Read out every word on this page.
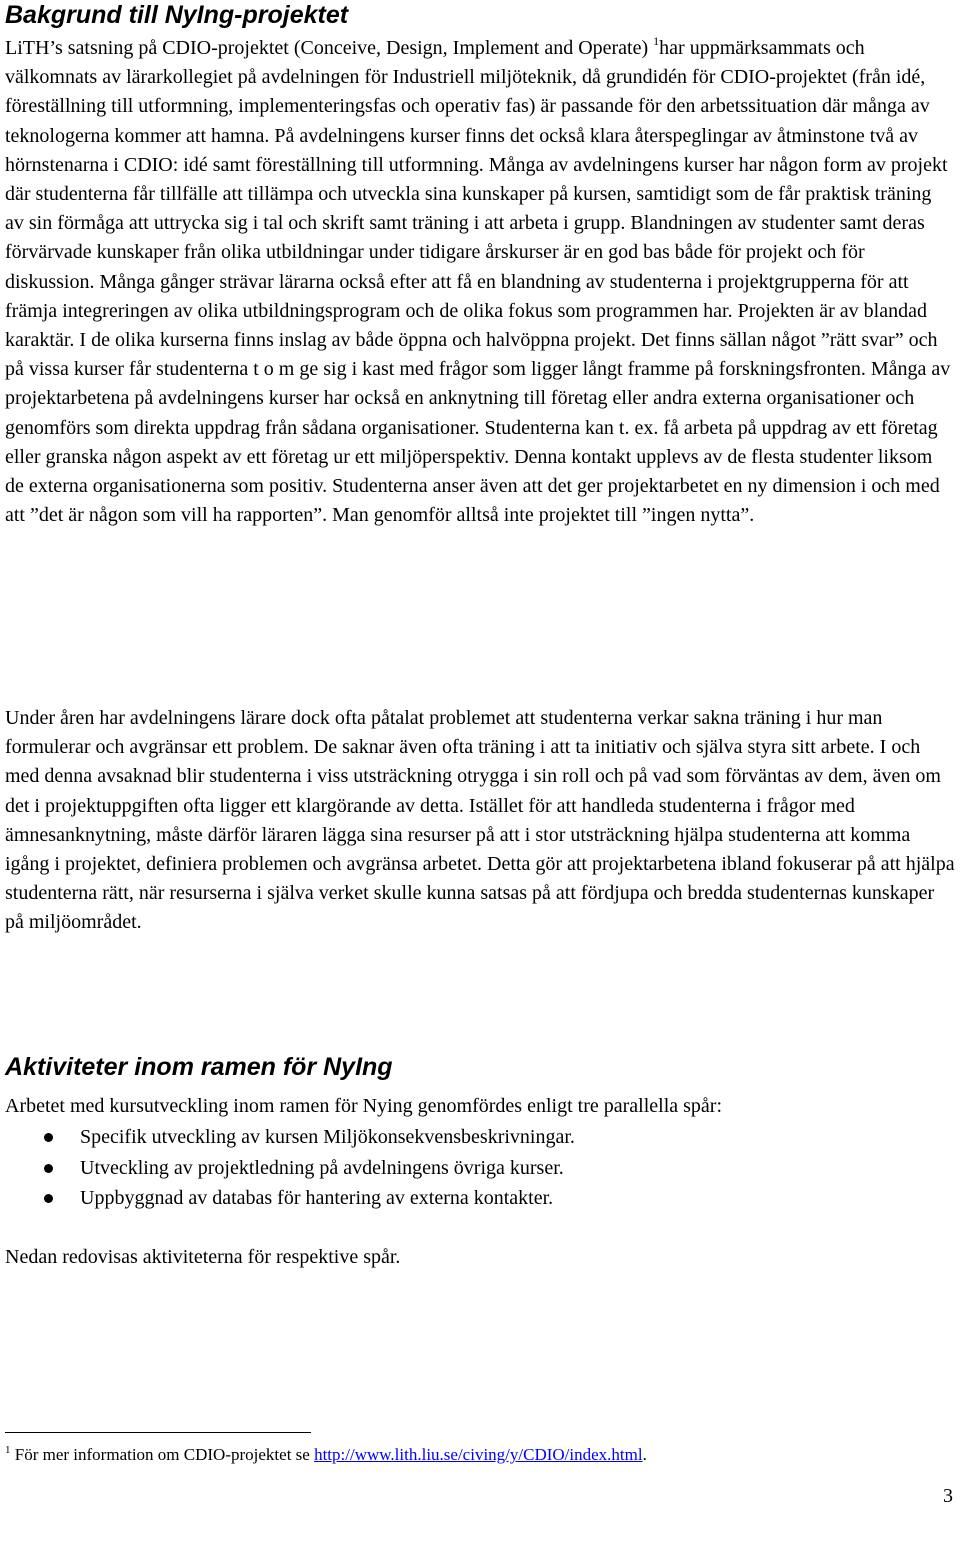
Bakgrund till NyIng-projektet

LiTH’s satsning på CDIO-projektet (Conceive, Design, Implement and Operate) $^1$har uppmärksammats och välkomnats av lärarkollegiet på avdelningen för Industriell miljöteknik, då grundidén för CDIO-projektet (från idé, föreställning till utformning, implementeringsfas och operativ fas) är passande för den arbetssituation där många av teknologerna kommer att hamna. På avdelningens kurser finns det också klara återspeglingar av åtminstone två av hörnstenarna i CDIO: idé samt föreställning till utformning. Många av avdelningens kurser har någon form av projekt där studenterna får tillfälle att tillämpa och utveckla sina kunskaper på kursen, samtidigt som de får praktisk träning av sin förmåga att uttrycka sig i tal och skrift samt träning i att arbeta i grupp. Blandningen av studenter samt deras förvärvade kunskaper från olika utbildningar under tidigare årskurser är en god bas både för projekt och för diskussion. Många gånger strävar lärarna också efter att få en blandning av studenterna i projektgrupperna för att främja integreringen av olika utbildningsprogram och de olika fokus som programmen har. Projekten är av blandad karaktär. I de olika kurserna finns inslag av både öppna och halvöppna projekt. Det finns sällan något ”rätt svar” och på vissa kurser får studenterna t o m ge sig i kast med frågor som ligger långt framme på forskningsfronten. Många av projektarbetena på avdelningens kurser har också en anknytning till företag eller andra externa organisationer och genomförs som direkta uppdrag från sådana organisationer. Studenterna kan t. ex. få arbeta på uppdrag av ett företag eller granska någon aspekt av ett företag ur ett miljöperspektiv. Denna kontakt upplevs av de flesta studenter liksom de externa organisationerna som positiv. Studenterna anser även att det ger projektarbetet en ny dimension i och med att ”det är någon som vill ha rapporten”. Man genomför alltså inte projektet till ”ingen nytta”.

Under åren har avdelningens lärare dock ofta påtalat problemet att studenterna verkar sakna träning i hur man formulerar och avgränsar ett problem. De saknar även ofta träning i att ta initiativ och själva styra sitt arbete. I och med denna avsaknad blir studenterna i viss utsträckning otrygga i sin roll och på vad som förväntas av dem, även om det i projektuppgiften ofta ligger ett klargörande av detta. Istället för att handleda studenterna i frågor med ämnesanknytning, måste därför läraren lägga sina resurser på att i stor utsträckning hjälpa studenterna att komma igång i projektet, definiera problemen och avgränsa arbetet. Detta gör att projektarbetena ibland fokuserar på att hjälpa studenterna rätt, när resurserna i själva verket skulle kunna satsas på att fördjupa och bredda studenternas kunskaper på miljöområdet.

Aktiviteter inom ramen för NyIng

Arbetet med kursutveckling inom ramen för Nying genomfördes enligt tre parallella spår:

Specifik utveckling av kursen Miljökonsekvensbeskrivningar.
Utveckling av projektledning på avdelningens övriga kurser.
Uppbyggnad av databas för hantering av externa kontakter.

Nedan redovisas aktiviteterna för respektive spår.

$^1$ För mer information om CDIO-projektet se http://www.lith.liu.se/civing/y/CDIO/index.html.
3
